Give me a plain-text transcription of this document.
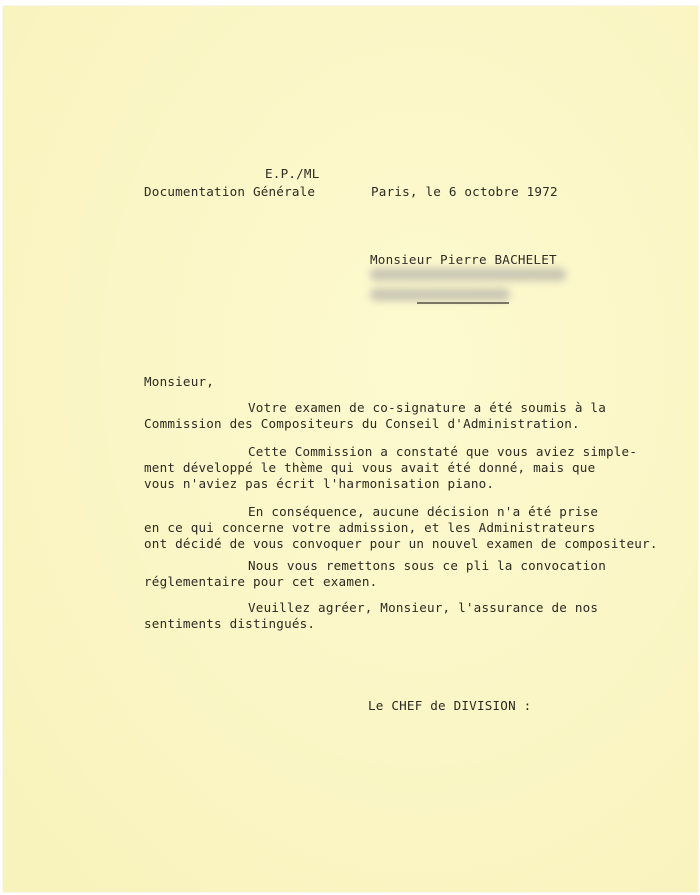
E.P./ML
Documentation Générale	Paris, le 6 octobre 1972
Monsieur Pierre BACHELET
Monsieur,
Votre examen de co-signature a été soumis à la
Commission des Compositeurs du Conseil d'Administration.
Cette Commission a constaté que vous aviez simple-
ment développé le thème qui vous avait été donné, mais que
vous n'aviez pas écrit l'harmonisation piano.
En conséquence, aucune décision n'a été prise
en ce qui concerne votre admission, et les Administrateurs
ont décidé de vous convoquer pour un nouvel examen de compositeur.
Nous vous remettons sous ce pli la convocation
réglementaire pour cet examen.
Veuillez agréer, Monsieur, l'assurance de nos
sentiments distingués.
Le CHEF de DIVISION :
